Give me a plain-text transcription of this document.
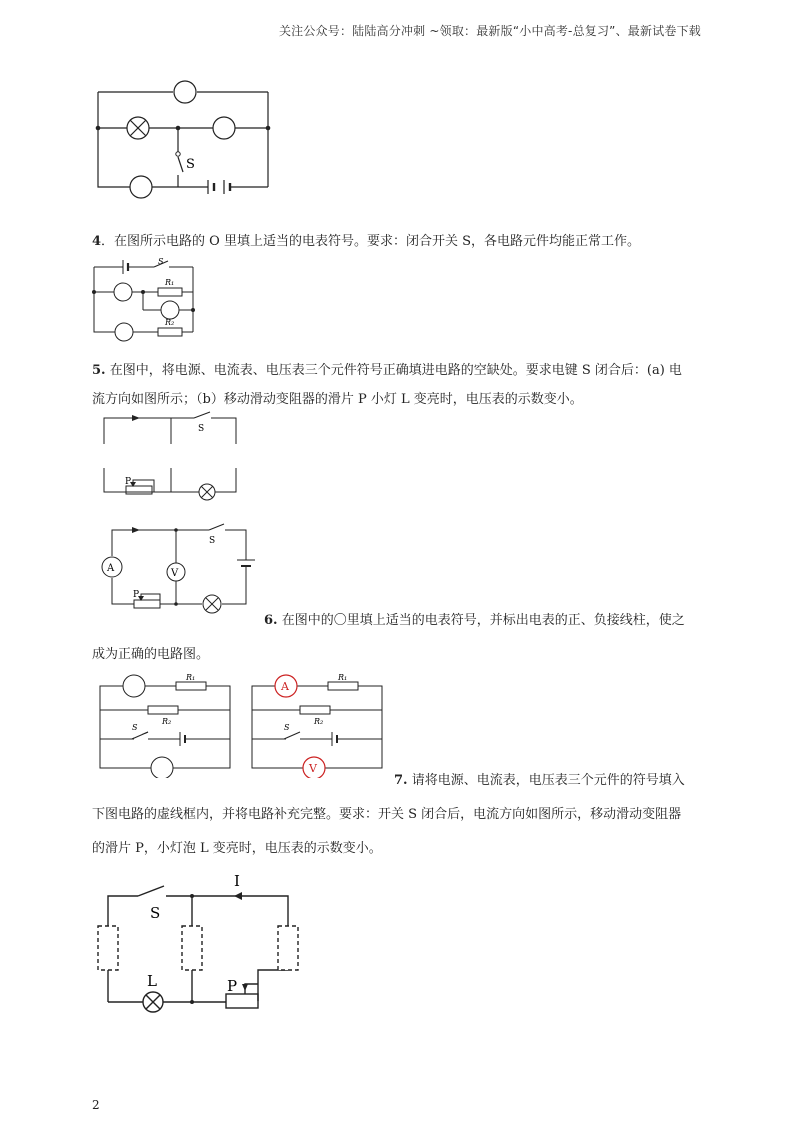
关注公众号：陆陆高分冲刺 ~领取：最新版“小中高考-总复习”、最新试卷下载
S
4．在图所示电路的 O 里填上适当的电表符号。要求：闭合开关 S，各电路元件均能正常工作。
S
R₁
R₂
5. 在图中，将电源、电流表、电压表三个元件符号正确填进电路的空缺处。要求电键 S 闭合后：(a) 电
流方向如图所示；（b）移动滑动变阻器的滑片 P 小灯 L 变亮时，电压表的示数变小。
S
P
A	V
S
P
6. 在图中的〇里填上适当的电表符号，并标出电表的正、负接线柱，使之
成为正确的电路图。
R₁
R₂
S
A
V
R₁
R₂
S
7. 请将电源、电流表，电压表三个元件的符号填入
下图电路的虚线框内，并将电路补充完整。要求：开关 S 闭合后，电流方向如图所示，移动滑动变阻器
的滑片 P，小灯泡 L 变亮时，电压表的示数变小。
S
I
L	P
2
